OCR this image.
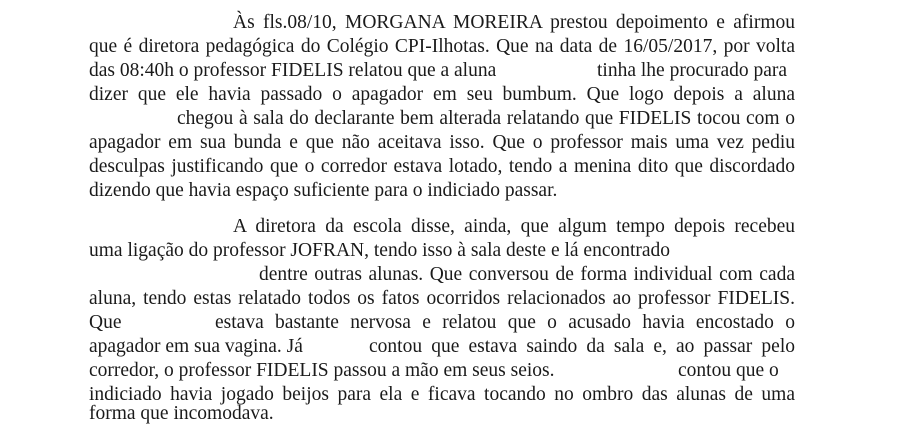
Às fls.08/10, MORGANA MOREIRA prestou depoimento e afirmou
que é diretora pedagógica do Colégio CPI-Ilhotas. Que na data de 16/05/2017, por volta
das 08:40h o professor FIDELIS relatou que a aluna	tinha lhe procurado para
dizer que ele havia passado o apagador em seu bumbum. Que logo depois a aluna
chegou à sala do declarante bem alterada relatando que FIDELIS tocou com o
apagador em sua bunda e que não aceitava isso. Que o professor mais uma vez pediu
desculpas justificando que o corredor estava lotado, tendo a menina dito que discordado
dizendo que havia espaço suficiente para o indiciado passar.
A diretora da escola disse, ainda, que algum tempo depois recebeu
uma ligação do professor JOFRAN, tendo isso à sala deste e lá encontrado
dentre outras alunas. Que conversou de forma individual com cada
aluna, tendo estas relatado todos os fatos ocorridos relacionados ao professor FIDELIS.
Que	estava bastante nervosa e relatou que o acusado havia encostado o
apagador em sua vagina. Já	contou que estava saindo da sala e, ao passar pelo
corredor, o professor FIDELIS passou a mão em seus seios.	contou que o
indiciado havia jogado beijos para ela e ficava tocando no ombro das alunas de uma
forma que incomodava.
